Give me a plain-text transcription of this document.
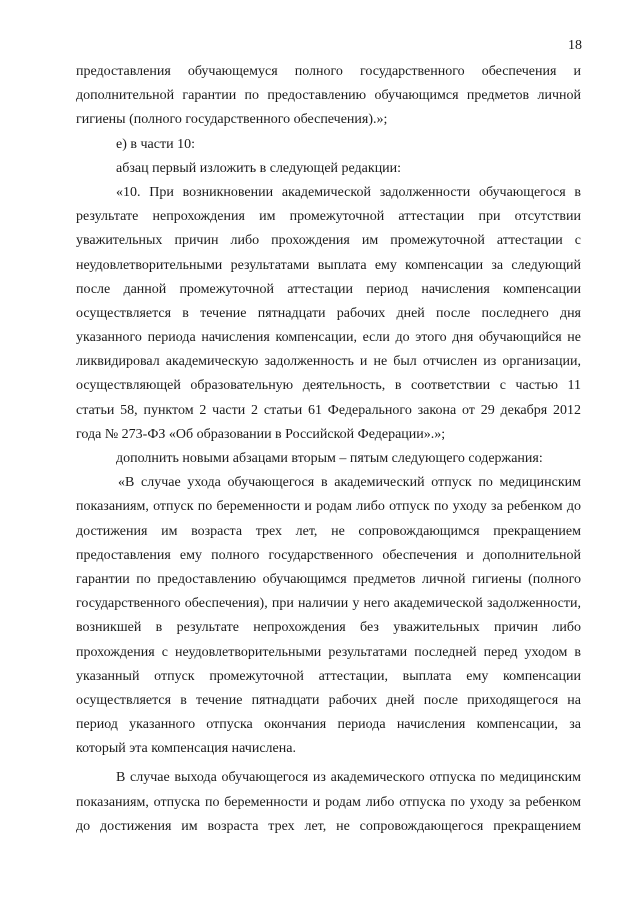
18
предоставления обучающемуся полного государственного обеспечения и
дополнительной гарантии по предоставлению обучающимся предметов личной
гигиены (полного государственного обеспечения).»;
е) в части 10:
абзац первый изложить в следующей редакции:
«10. При возникновении академической задолженности обучающегося в
результате непрохождения им промежуточной аттестации при отсутствии
уважительных причин либо прохождения им промежуточной аттестации с
неудовлетворительными результатами выплата ему компенсации за следующий
после данной промежуточной аттестации период начисления компенсации
осуществляется в течение пятнадцати рабочих дней после последнего дня
указанного периода начисления компенсации, если до этого дня обучающийся не
ликвидировал академическую задолженность и не был отчислен из организации,
осуществляющей образовательную деятельность, в соответствии с частью 11
статьи 58, пунктом 2 части 2 статьи 61 Федерального закона от 29 декабря 2012
года № 273-ФЗ «Об образовании в Российской Федерации».»;
дополнить новыми абзацами вторым – пятым следующего содержания:
«В случае ухода обучающегося в академический отпуск по медицинским
показаниям, отпуск по беременности и родам либо отпуск по уходу за ребенком до
достижения им возраста трех лет, не сопровождающимся прекращением
предоставления ему полного государственного обеспечения и дополнительной
гарантии по предоставлению обучающимся предметов личной гигиены (полного
государственного обеспечения), при наличии у него академической задолженности,
возникшей в результате непрохождения без уважительных причин либо
прохождения с неудовлетворительными результатами последней перед уходом в
указанный отпуск промежуточной аттестации, выплата ему компенсации
осуществляется в течение пятнадцати рабочих дней после приходящегося на
период указанного отпуска окончания периода начисления компенсации, за
который эта компенсация начислена.
В случае выхода обучающегося из академического отпуска по медицинским
показаниям, отпуска по беременности и родам либо отпуска по уходу за ребенком
до достижения им возраста трех лет, не сопровождающегося прекращением
